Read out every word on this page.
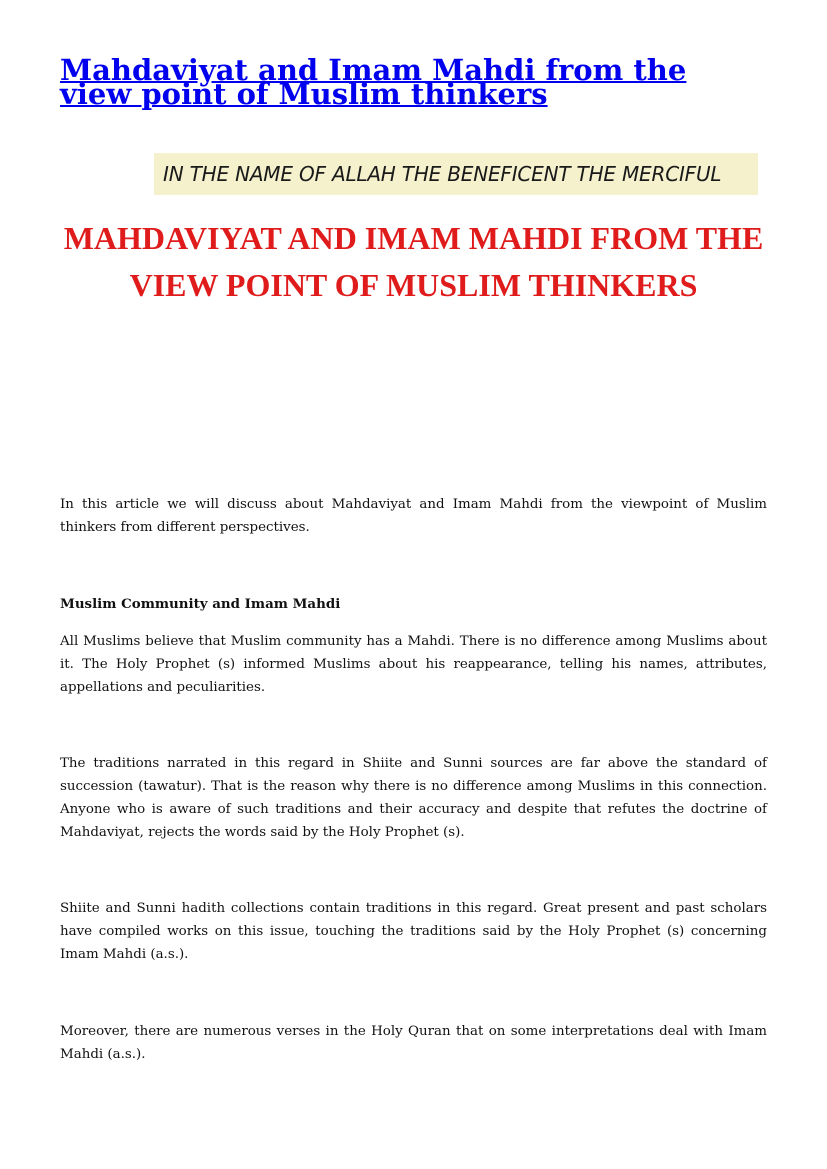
Mahdaviyat and Imam Mahdi from the view point of Muslim thinkers
IN THE NAME OF ALLAH THE BENEFICENT THE MERCIFUL
MAHDAVIYAT AND IMAM MAHDI FROM THE VIEW POINT OF MUSLIM THINKERS

In this article we will discuss about Mahdaviyat and Imam Mahdi from the viewpoint of Muslim thinkers from different perspectives.

Muslim Community and Imam Mahdi

All Muslims believe that Muslim community has a Mahdi. There is no difference among Muslims about it. The Holy Prophet (s) informed Muslims about his reappearance, telling his names, attributes, appellations and peculiarities.

The traditions narrated in this regard in Shiite and Sunni sources are far above the standard of succession (tawatur). That is the reason why there is no difference among Muslims in this connection. Anyone who is aware of such traditions and their accuracy and despite that refutes the doctrine of Mahdaviyat, rejects the words said by the Holy Prophet (s).

Shiite and Sunni hadith collections contain traditions in this regard. Great present and past scholars have compiled works on this issue, touching the traditions said by the Holy Prophet (s) concerning Imam Mahdi (a.s.).

Moreover, there are numerous verses in the Holy Quran that on some interpretations deal with Imam Mahdi (a.s.).
